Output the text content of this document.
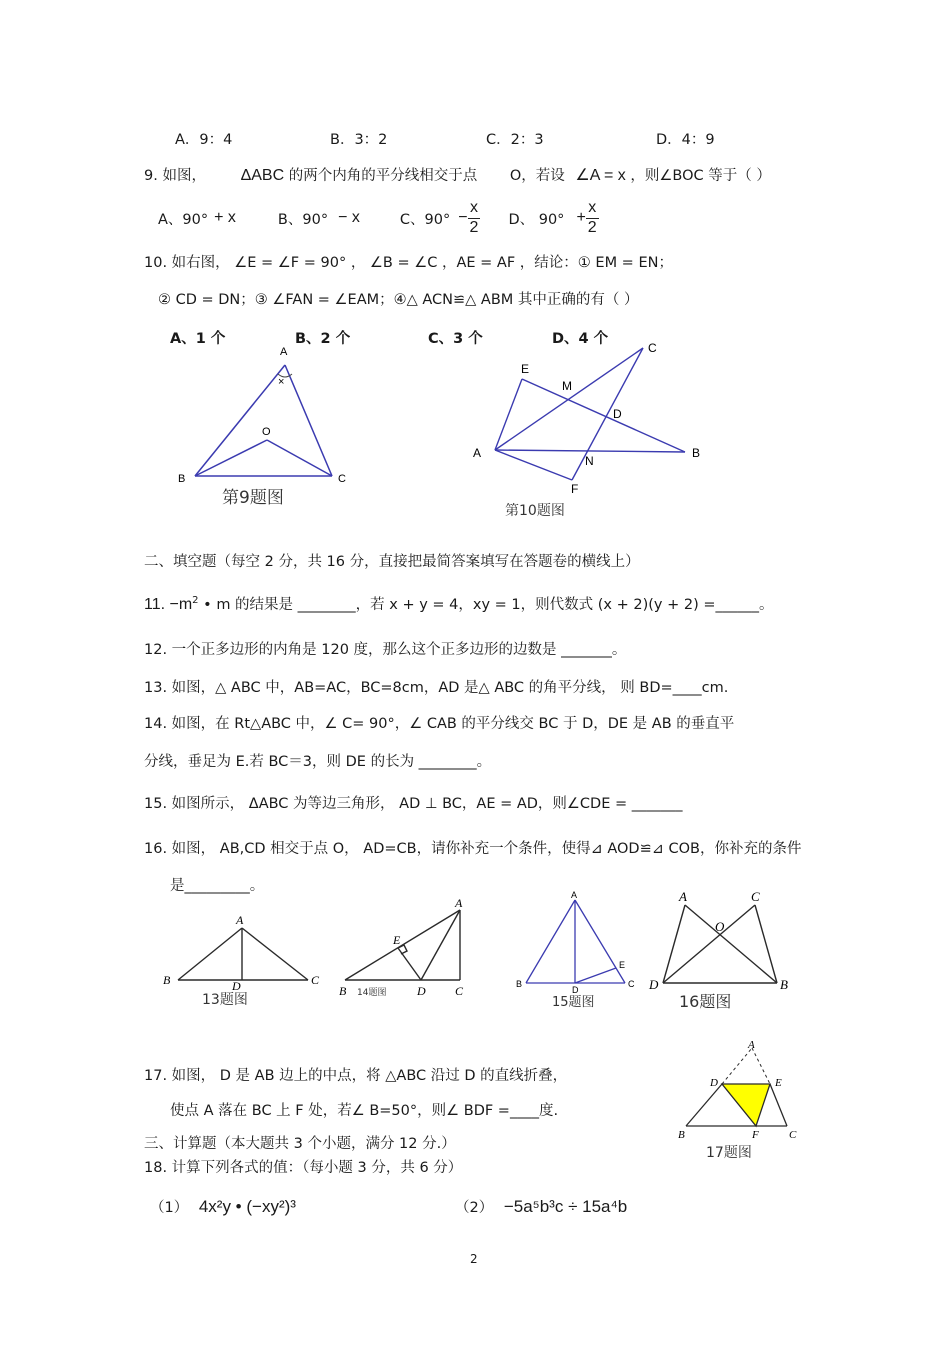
A．9：4	B．3：2	C．2：3	D．4：9
9. 如图， ΔABC 的两个内角的平分线相交于点 O，若设 ∠A = x ，则∠BOC 等于（ ）
A、90° + x	B、90° − x	C、$90^\circ - \frac{x}{2}$ D、 $90^\circ + \frac{x}{2}$
10. 如右图， ∠E = ∠F = 90° ， ∠B = ∠C ，AE = AF ，结论：① EM = EN；
② CD = DN；③ ∠FAN = ∠EAM；④△ ACN≌△ ABM 其中正确的有（ ）
A、1 个	B、2 个	C、3 个	D、4 个
A
×
O
B	C
第9题图
C
E
M
D
A
N
B
F
第10题图
二、填空题（每空 2 分，共 16 分，直接把最简答案填写在答题卷的横线上）
11. $-m^2$ • m 的结果是 ________，若 x + y = 4，xy = 1，则代数式 (x + 2)(y + 2) =______。
12. 一个正多边形的内角是 120 度，那么这个正多边形的边数是 _______。
13. 如图，△ ABC 中，AB=AC，BC=8cm，AD 是△ ABC 的角平分线， 则 BD=____cm.
14. 如图，在 Rt△ABC 中，∠ C= 90°，∠ CAB 的平分线交 BC 于 D，DE 是 AB 的垂直平
分线，垂足为 E.若 BC＝3，则 DE 的长为 ________。
15. 如图所示， ΔABC 为等边三角形， AD ⊥ BC，AE = AD，则∠CDE = _______
16. 如图， AB,CD 相交于点 O， AD=CB，请你补充一个条件，使得⊿ AOD≌⊿ COB，你补充的条件
是_________。
A
B	D	C
13题图
A
E
B	D C
14题图
A
E
B
D
C
15题图
A	C
O
D	B
16题图
17. 如图， D 是 AB 边上的中点，将 △ABC 沿过 D 的直线折叠，
使点 A 落在 BC 上 F 处，若∠ B=50°，则∠ BDF =____度.
A
D	E
B	F	C
17题图
三、计算题（本大题共 3 个小题，满分 12 分.）
18. 计算下列各式的值：（每小题 3 分，共 6 分）
（1） 4x²y • (−xy²)³	（2） −5a⁵b³c ÷ 15a⁴b
2
